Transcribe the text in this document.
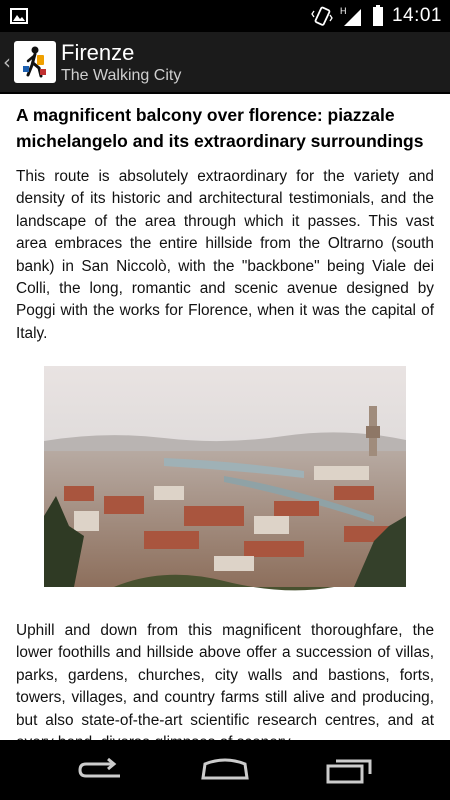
H 14:01
‹ Firenze
The Walking City
A magnificent balcony over florence: piazzale michelangelo and its extraordinary surroundings
This route is absolutely extraordinary for the variety and density of its historic and architectural testimonials, and the landscape of the area through which it passes. This vast area embraces the entire hillside from the Oltrarno (south bank) in San Niccolò, with the "backbone" being Viale dei Colli, the long, romantic and scenic avenue designed by Poggi with the works for Florence, when it was the capital of Italy.
Uphill and down from this magnificent thoroughfare, the lower foothills and hillside above offer a succession of villas, parks, gardens, churches, city walls and bastions, forts, towers, villages, and country farms still alive and producing, but also state-of-the-art scientific research centres, and at
